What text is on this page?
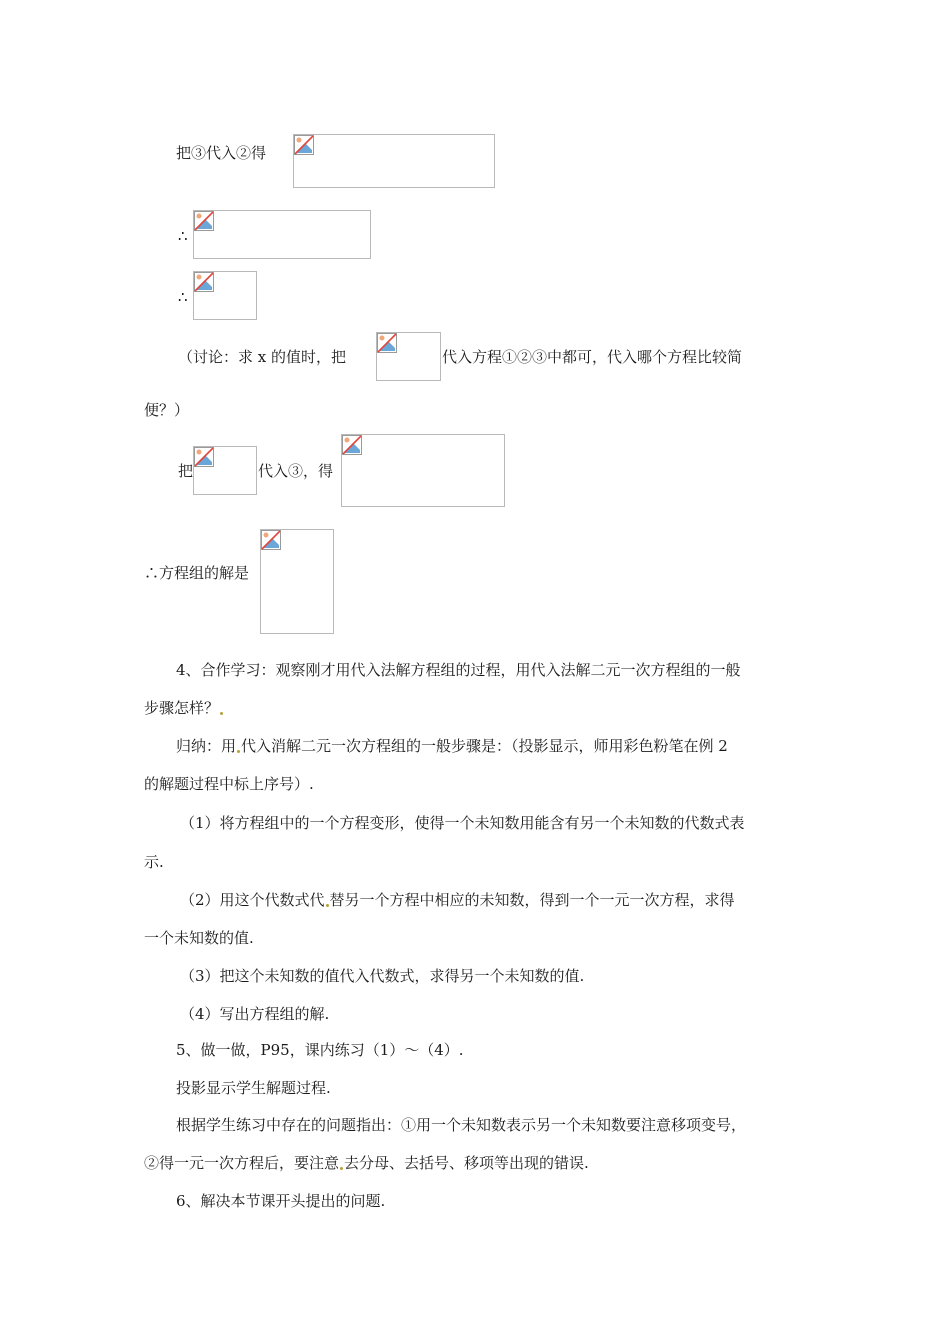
把③代入②得
∴
∴
（讨论：求 x 的值时，把	代入方程①②③中都可，代入哪个方程比较简
便？）
把	代入③，得
∴方程组的解是
4、合作学习：观察刚才用代入法解方程组的过程，用代入法解二元一次方程组的一般
步骤怎样？
归纳：用 代入消解二元一次方程组的一般步骤是：（投影显示，师用彩色粉笔在例 2
的解题过程中标上序号）.
（1）将方程组中的一个方程变形，使得一个未知数用能含有另一个未知数的代数式表
示.
（2）用这个代数式代 替另一个方程中相应的未知数，得到一个一元一次方程，求得
一个未知数的值.
（3）把这个未知数的值代入代数式，求得另一个未知数的值.
（4）写出方程组的解.
5、做一做，P95，课内练习（1）～（4）.
投影显示学生解题过程.
根据学生练习中存在的问题指出：①用一个未知数表示另一个未知数要注意移项变号，
②得一元一次方程后，要注意 去分母、去括号、移项等出现的错误.
6、解决本节课开头提出的问题.
